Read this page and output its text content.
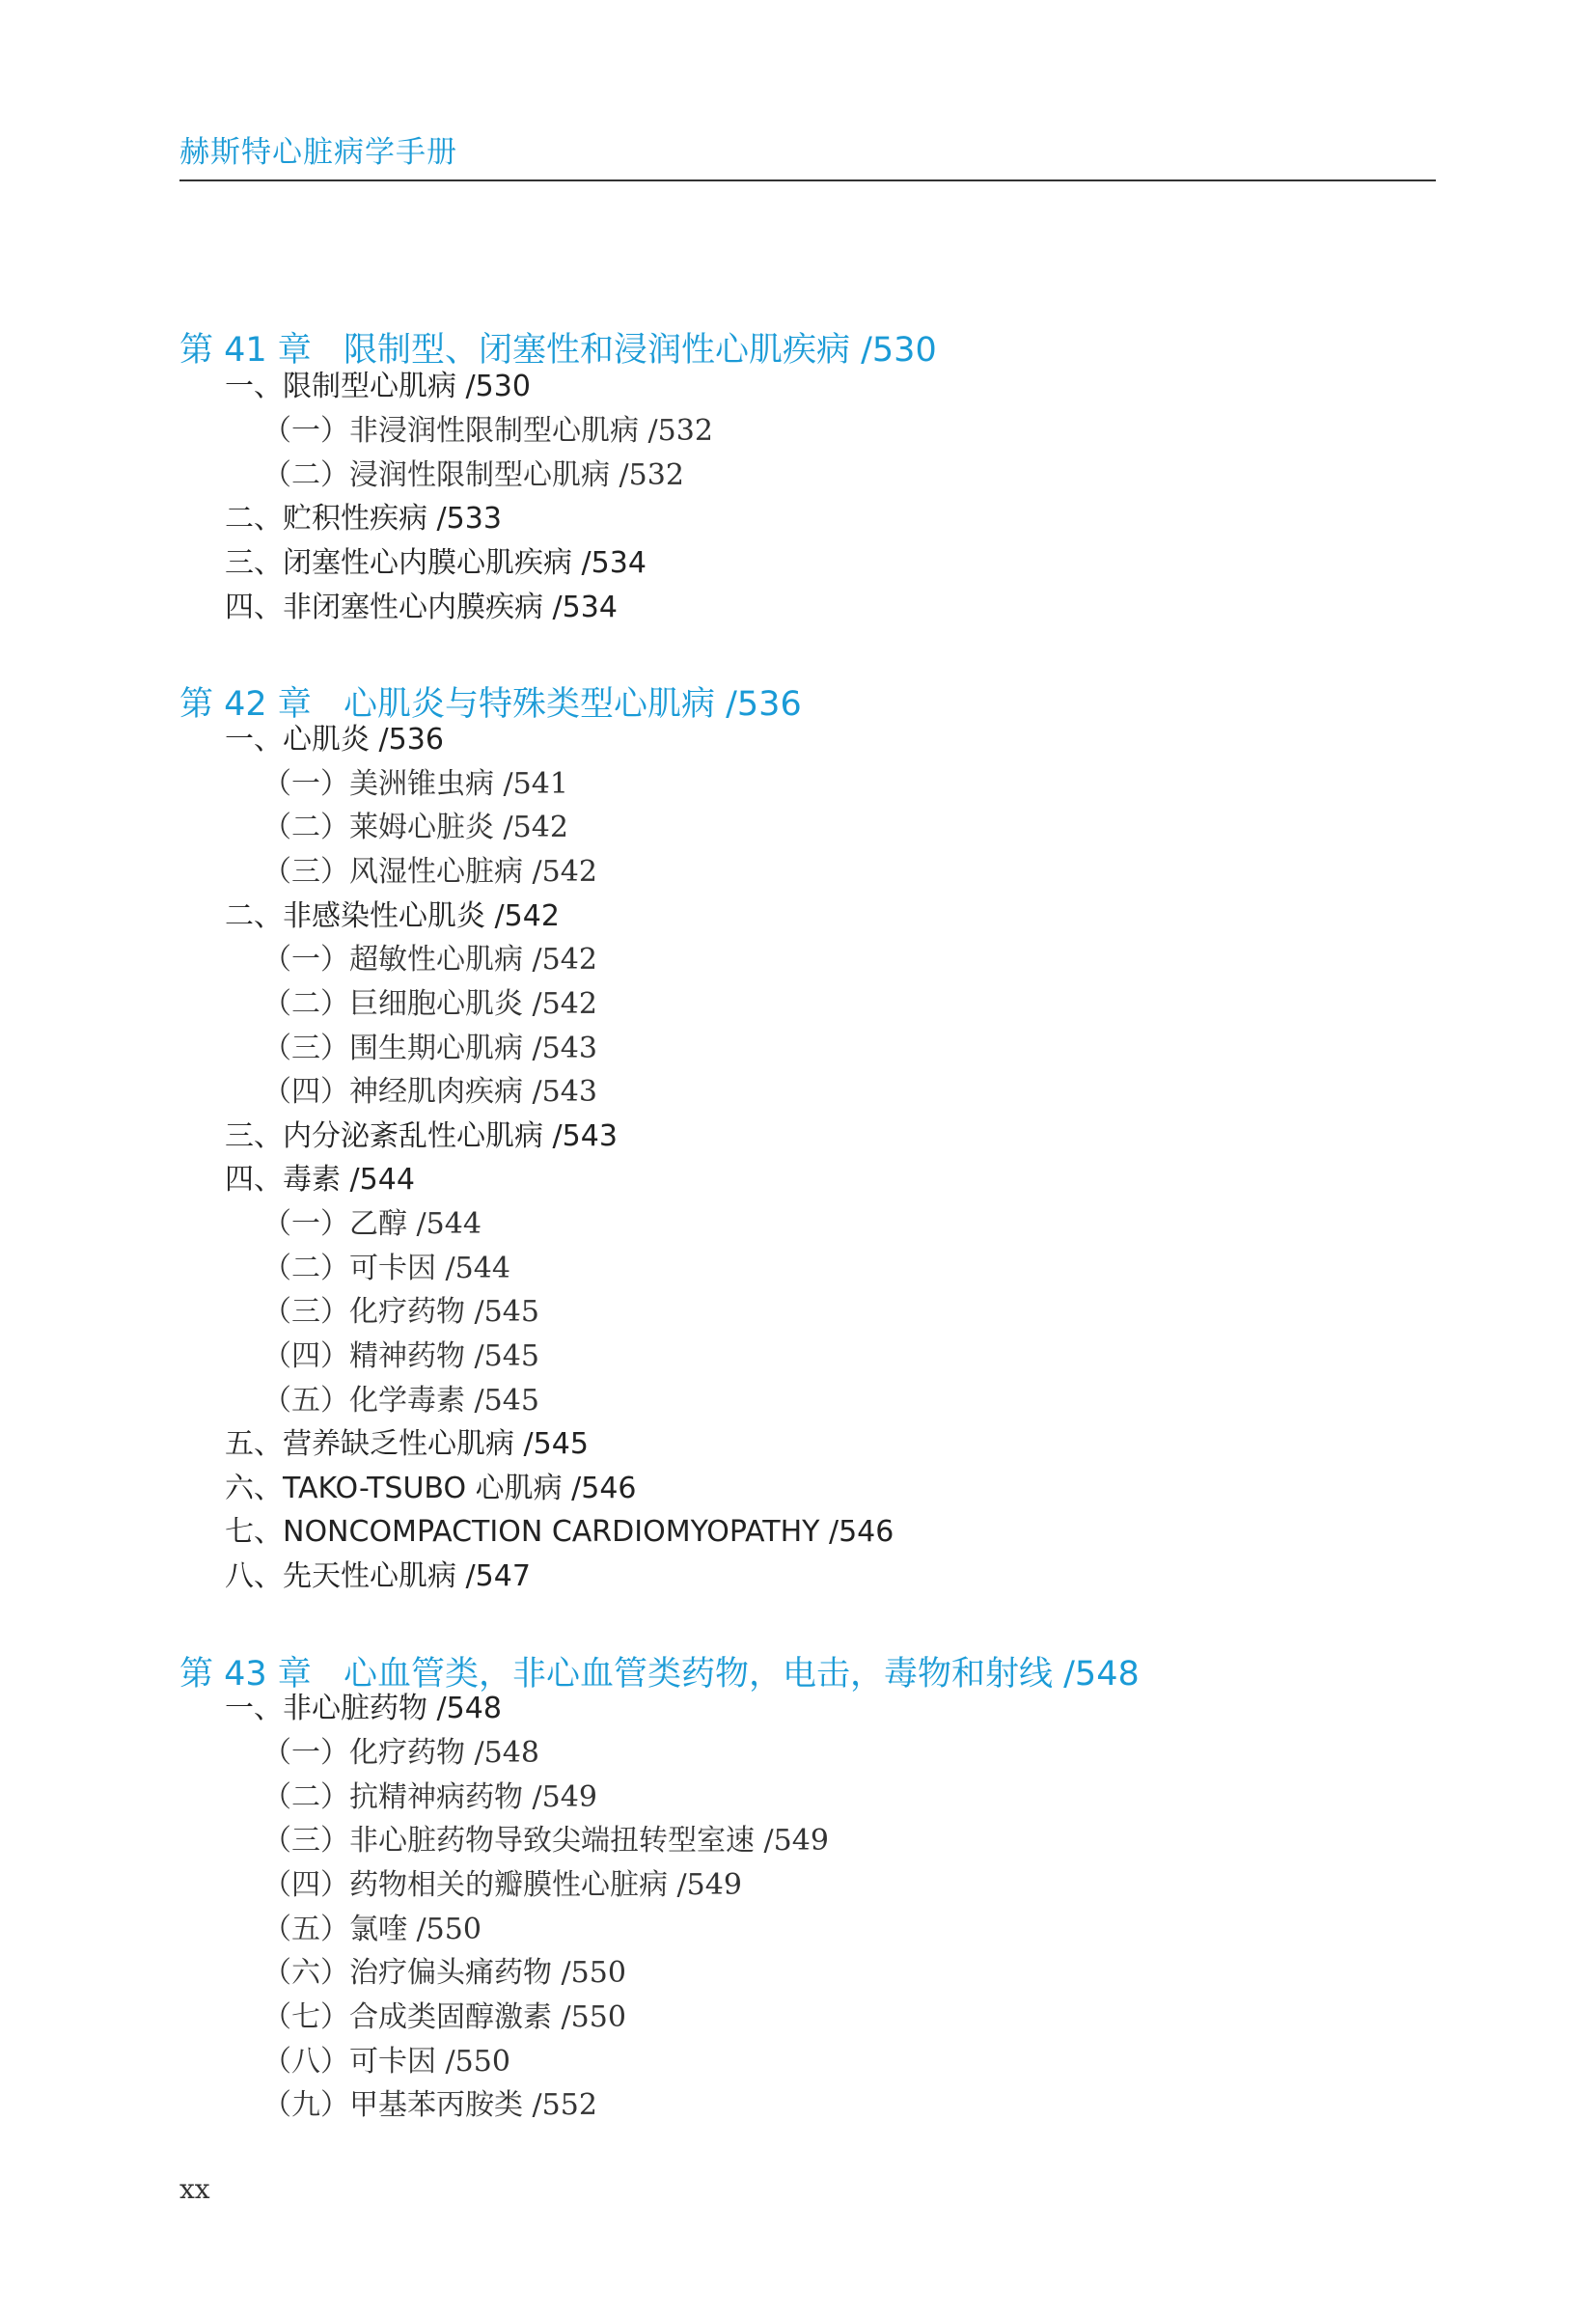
赫斯特心脏病学手册
第 41 章 限制型、闭塞性和浸润性心肌疾病 /530
一、限制型心肌病 /530
（一）非浸润性限制型心肌病 /532
（二）浸润性限制型心肌病 /532
二、贮积性疾病 /533
三、闭塞性心内膜心肌疾病 /534
四、非闭塞性心内膜疾病 /534
第 42 章 心肌炎与特殊类型心肌病 /536
一、心肌炎 /536
（一）美洲锥虫病 /541
（二）莱姆心脏炎 /542
（三）风湿性心脏病 /542
二、非感染性心肌炎 /542
（一）超敏性心肌病 /542
（二）巨细胞心肌炎 /542
（三）围生期心肌病 /543
（四）神经肌肉疾病 /543
三、内分泌紊乱性心肌病 /543
四、毒素 /544
（一）乙醇 /544
（二）可卡因 /544
（三）化疗药物 /545
（四）精神药物 /545
（五）化学毒素 /545
五、营养缺乏性心肌病 /545
六、TAKO-TSUBO 心肌病 /546
七、NONCOMPACTION CARDIOMYOPATHY /546
八、先天性心肌病 /547
第 43 章 心血管类，非心血管类药物，电击，毒物和射线 /548
一、非心脏药物 /548
（一）化疗药物 /548
（二）抗精神病药物 /549
（三）非心脏药物导致尖端扭转型室速 /549
（四）药物相关的瓣膜性心脏病 /549
（五）氯喹 /550
（六）治疗偏头痛药物 /550
（七）合成类固醇激素 /550
（八）可卡因 /550
（九）甲基苯丙胺类 /552
xx
